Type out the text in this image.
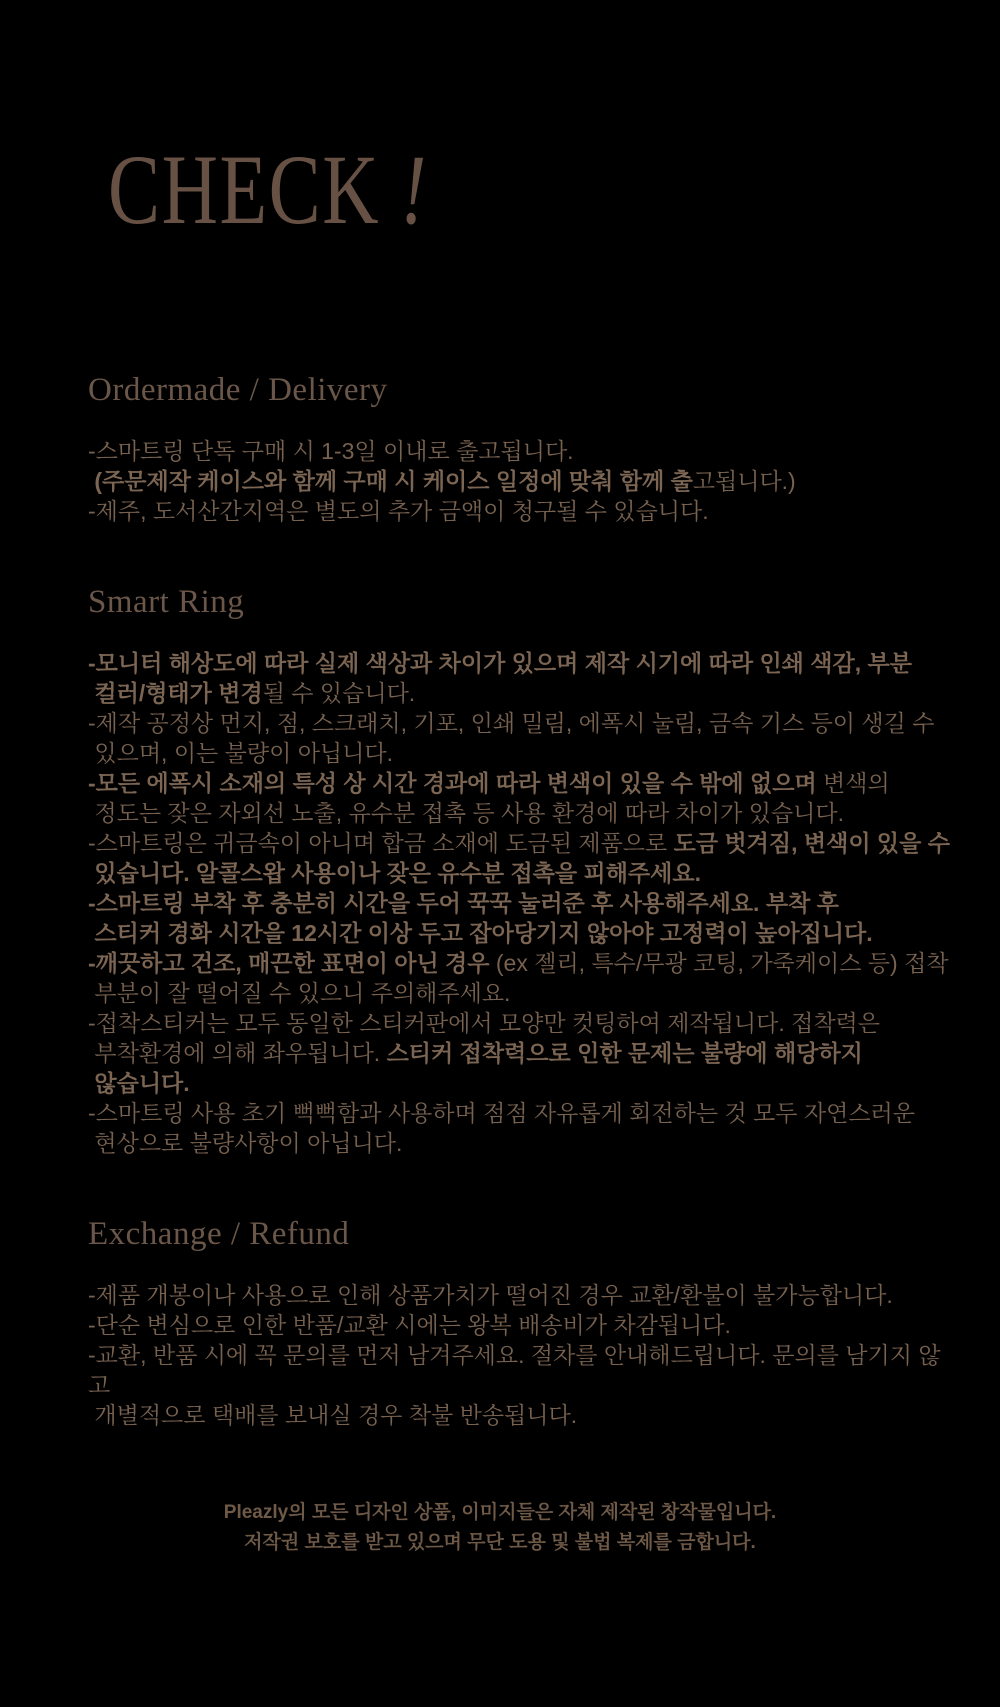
CHECK !
Ordermade / Delivery
-스마트링 단독 구매 시 1-3일 이내로 출고됩니다.
(주문제작 케이스와 함께 구매 시 케이스 일정에 맞춰 함께 출고됩니다.)
-제주, 도서산간지역은 별도의 추가 금액이 청구될 수 있습니다.
Smart Ring
-모니터 해상도에 따라 실제 색상과 차이가 있으며 제작 시기에 따라 인쇄 색감, 부분
컬러/형태가 변경될 수 있습니다.
-제작 공정상 먼지, 점, 스크래치, 기포, 인쇄 밀림, 에폭시 눌림, 금속 기스 등이 생길 수
있으며, 이는 불량이 아닙니다.
-모든 에폭시 소재의 특성 상 시간 경과에 따라 변색이 있을 수 밖에 없으며 변색의
정도는 잦은 자외선 노출, 유수분 접촉 등 사용 환경에 따라 차이가 있습니다.
-스마트링은 귀금속이 아니며 합금 소재에 도금된 제품으로 도금 벗겨짐, 변색이 있을 수
있습니다. 알콜스왑 사용이나 잦은 유수분 접촉을 피해주세요.
-스마트링 부착 후 충분히 시간을 두어 꾹꾹 눌러준 후 사용해주세요. 부착 후
스티커 경화 시간을 12시간 이상 두고 잡아당기지 않아야 고정력이 높아집니다.
-깨끗하고 건조, 매끈한 표면이 아닌 경우 (ex 젤리, 특수/무광 코팅, 가죽케이스 등) 접착
부분이 잘 떨어질 수 있으니 주의해주세요.
-접착스티커는 모두 동일한 스티커판에서 모양만 컷팅하여 제작됩니다. 접착력은
부착환경에 의해 좌우됩니다. 스티커 접착력으로 인한 문제는 불량에 해당하지
않습니다.
-스마트링 사용 초기 뻑뻑함과 사용하며 점점 자유롭게 회전하는 것 모두 자연스러운
현상으로 불량사항이 아닙니다.
Exchange / Refund
-제품 개봉이나 사용으로 인해 상품가치가 떨어진 경우 교환/환불이 불가능합니다.
-단순 변심으로 인한 반품/교환 시에는 왕복 배송비가 차감됩니다.
-교환, 반품 시에 꼭 문의를 먼저 남겨주세요. 절차를 안내해드립니다. 문의를 남기지 않고
개별적으로 택배를 보내실 경우 착불 반송됩니다.
Pleazly의 모든 디자인 상품, 이미지들은 자체 제작된 창작물입니다.
저작권 보호를 받고 있으며 무단 도용 및 불법 복제를 금합니다.
